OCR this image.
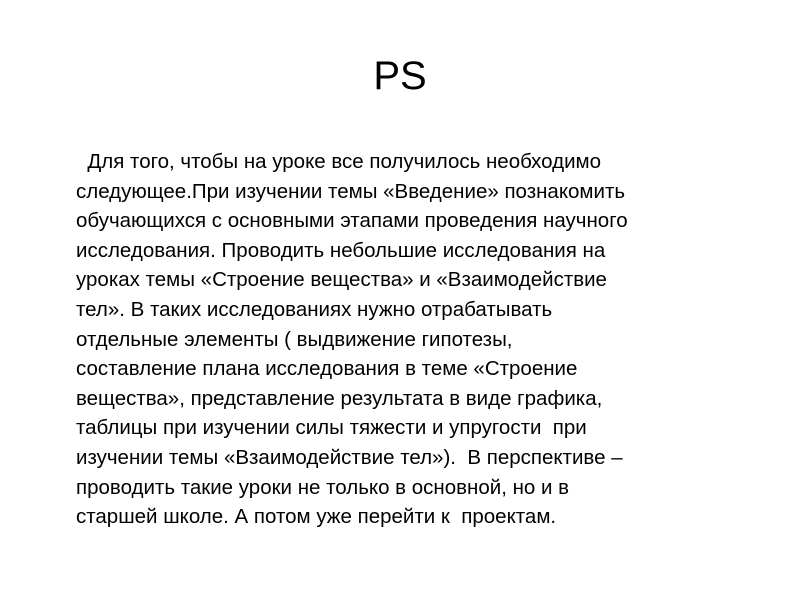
PS
Для того, чтобы на уроке все получилось необходимо
следующее.При изучении темы «Введение» познакомить
обучающихся с основными этапами проведения научного
исследования. Проводить небольшие исследования на
уроках темы «Строение вещества» и «Взаимодействие
тел». В таких исследованиях нужно отрабатывать
отдельные элементы ( выдвижение гипотезы,
составление плана исследования в теме «Строение
вещества», представление результата в виде графика,
таблицы при изучении силы тяжести и упругости  при
изучении темы «Взаимодействие тел»).  В перспективе –
проводить такие уроки не только в основной, но и в
старшей школе. А потом уже перейти к  проектам.
